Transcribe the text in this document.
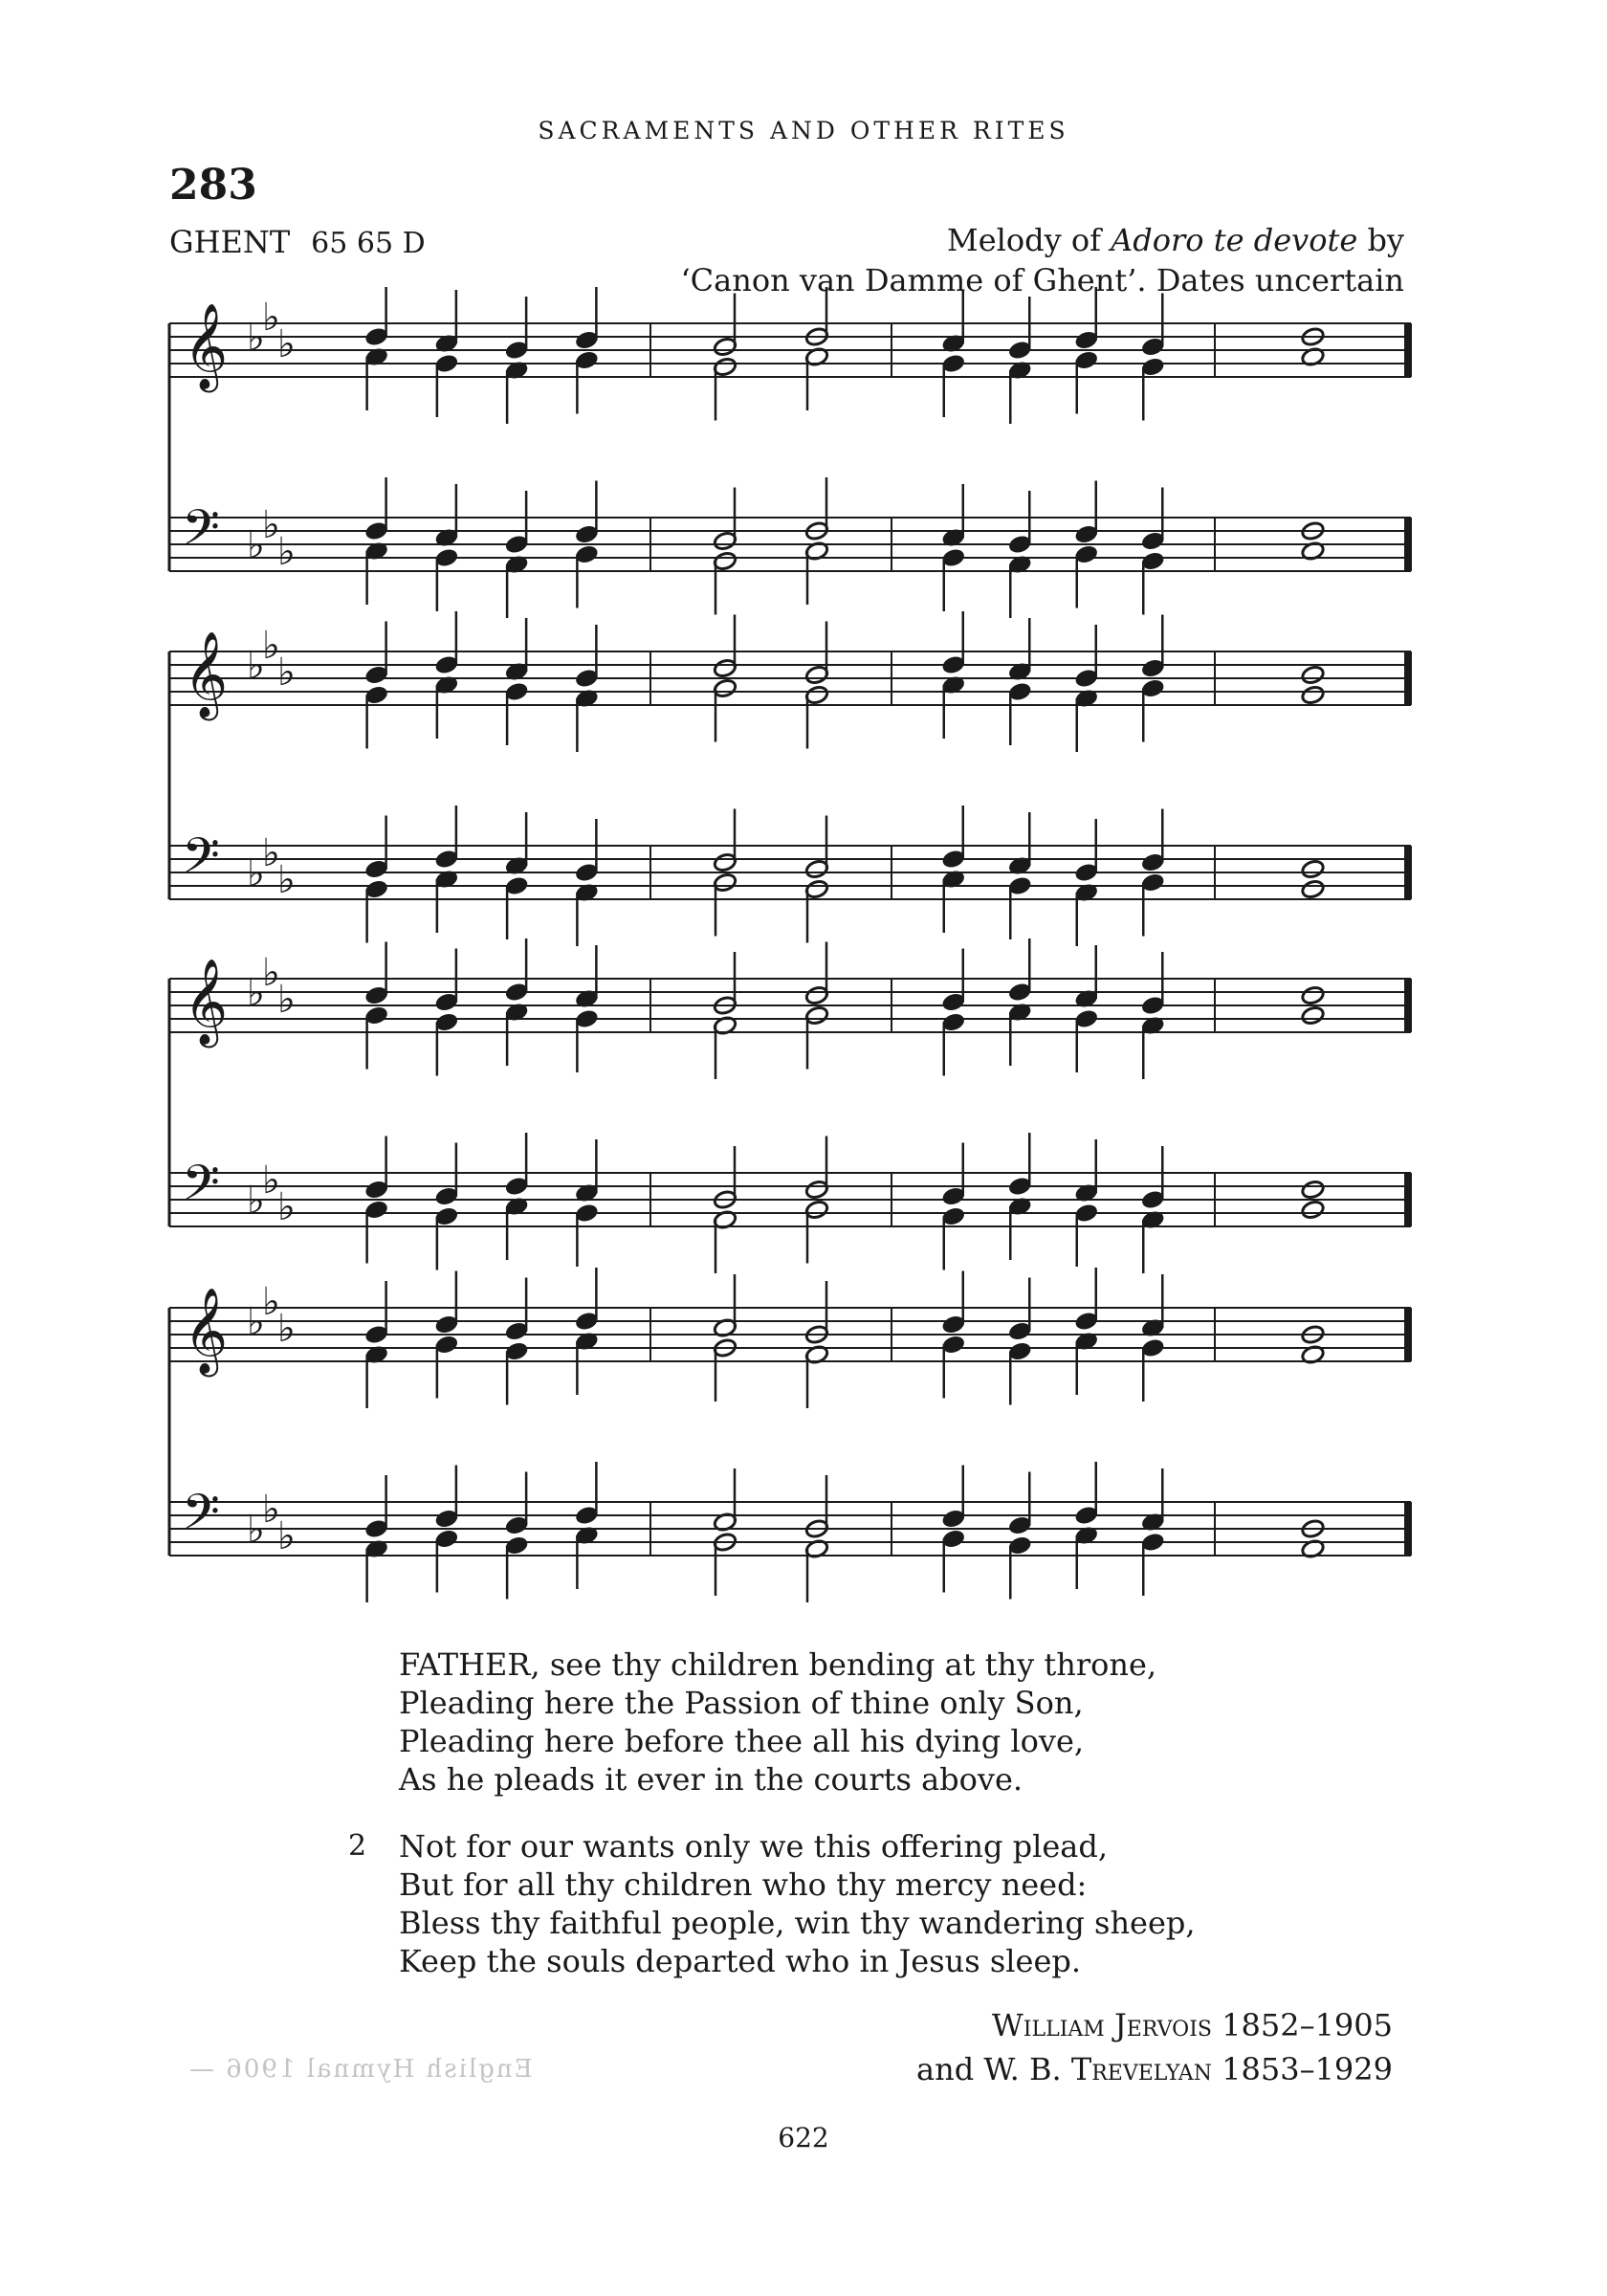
SACRAMENTS AND OTHER RITES
283
GHENT 65 65 D	Melody of Adoro te devote by
‘Canon van Damme of Ghent’. Dates uncertain
𝄞
𝄢
♭
♭
♭
♭
♭
♭
𝄞
𝄢
♭
♭
♭
♭
♭
♭
𝄞
𝄢
♭
♭
♭
♭
♭
♭
𝄞
𝄢
♭
♭
♭
♭
♭
♭
FATHER, see thy children bending at thy throne,
Pleading here the Passion of thine only Son,
Pleading here before thee all his dying love,
As he pleads it ever in the courts above.
2 Not for our wants only we this offering plead,
But for all thy children who thy mercy need:
Bless thy faithful people, win thy wandering sheep,
Keep the souls departed who in Jesus sleep.
William Jervois 1852–1905
and W. B. Trevelyan 1853–1929
English Hymnal 1906 —
622
